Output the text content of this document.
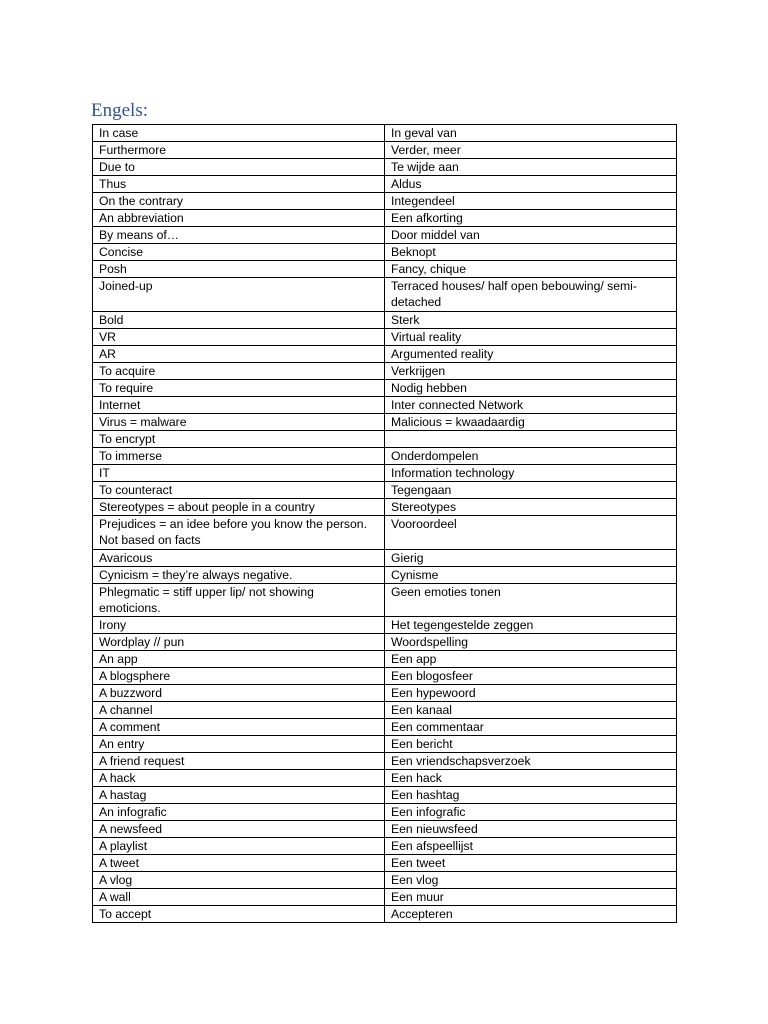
Engels:
In case	In geval van
Furthermore	Verder, meer
Due to	Te wijde aan
Thus	Aldus
On the contrary	Integendeel
An abbreviation	Een afkorting
By means of…	Door middel van
Concise	Beknopt
Posh	Fancy, chique
Joined-up	Terraced houses/ half open bebouwing/ semi-detached
Bold	Sterk
VR	Virtual reality
AR	Argumented reality
To acquire	Verkrijgen
To require	Nodig hebben
Internet	Inter connected Network
Virus = malware	Malicious = kwaadaardig
To encrypt	
To immerse	Onderdompelen
IT	Information technology
To counteract	Tegengaan
Stereotypes = about people in a country	Stereotypes
Prejudices = an idee before you know the person. Not based on facts	Vooroordeel
Avaricous	Gierig
Cynicism = they’re always negative.	Cynisme
Phlegmatic = stiff upper lip/ not showing emoticions.	Geen emoties tonen
Irony	Het tegengestelde zeggen
Wordplay // pun	Woordspelling
An app	Een app
A blogsphere	Een blogosfeer
A buzzword	Een hypewoord
A channel	Een kanaal
A comment	Een commentaar
An entry	Een bericht
A friend request	Een vriendschapsverzoek
A hack	Een hack
A hastag	Een hashtag
An infografic	Een infografic
A newsfeed	Een nieuwsfeed
A playlist	Een afspeellijst
A tweet	Een tweet
A vlog	Een vlog
A wall	Een muur
To accept	Accepteren
